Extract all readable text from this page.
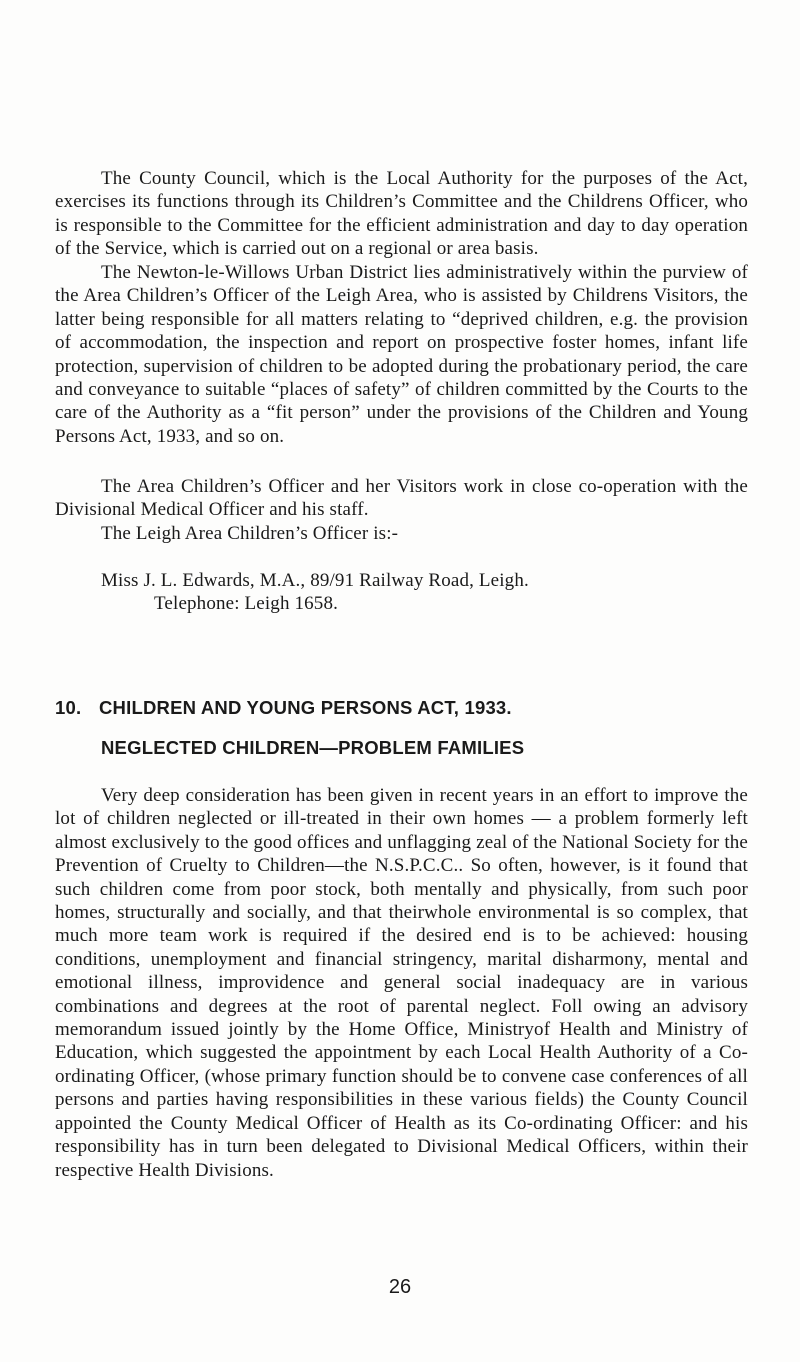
The County Council, which is the Local Authority for the purposes of the Act, exercises its functions through its Children’s Committee and the Childrens Officer, who is responsible to the Committee for the efficient administration and day to day operation of the Service, which is carried out on a regional or area basis.

The Newton-le-Willows Urban District lies administratively within the purview of the Area Children’s Officer of the Leigh Area, who is assisted by Childrens Visitors, the latter being responsible for all matters relating to “deprived children, e.g. the provision of accommodation, the inspection and report on prospective foster homes, infant life protection, supervision of children to be adopted during the probationary period, the care and conveyance to suitable “places of safety” of children committed by the Courts to the care of the Authority as a “fit person” under the provisions of the Children and Young Persons Act, 1933, and so on.

The Area Children’s Officer and her Visitors work in close co-operation with the Divisional Medical Officer and his staff.

The Leigh Area Children’s Officer is:-

Miss J. L. Edwards, M.A., 89/91 Railway Road, Leigh.

Telephone: Leigh 1658.

10. CHILDREN AND YOUNG PERSONS ACT, 1933.
NEGLECTED CHILDREN—PROBLEM FAMILIES

Very deep consideration has been given in recent years in an effort to improve the lot of children neglected or ill-treated in their own homes — a problem formerly left almost exclusively to the good offices and unflagging zeal of the National Society for the Prevention of Cruelty to Children—the N.S.P.C.C.. So often, however, is it found that such children come from poor stock, both mentally and physically, from such poor homes, structurally and socially, and that theirwhole environmental is so complex, that much more team work is required if the desired end is to be achieved: housing conditions, unemployment and financial stringency, marital disharmony, mental and emotional illness, improvidence and general social inadequacy are in various combinations and degrees at the root of parental neglect. Foll owing an advisory memorandum issued jointly by the Home Office, Ministryof Health and Ministry of Education, which suggested the appointment by each Local Health Authority of a Co-ordinating Officer, (whose primary function should be to convene case conferences of all persons and parties having responsibilities in these various fields) the County Council appointed the County Medical Officer of Health as its Co-ordinating Officer: and his responsibility has in turn been delegated to Divisional Medical Officers, within their respective Health Divisions.

26
